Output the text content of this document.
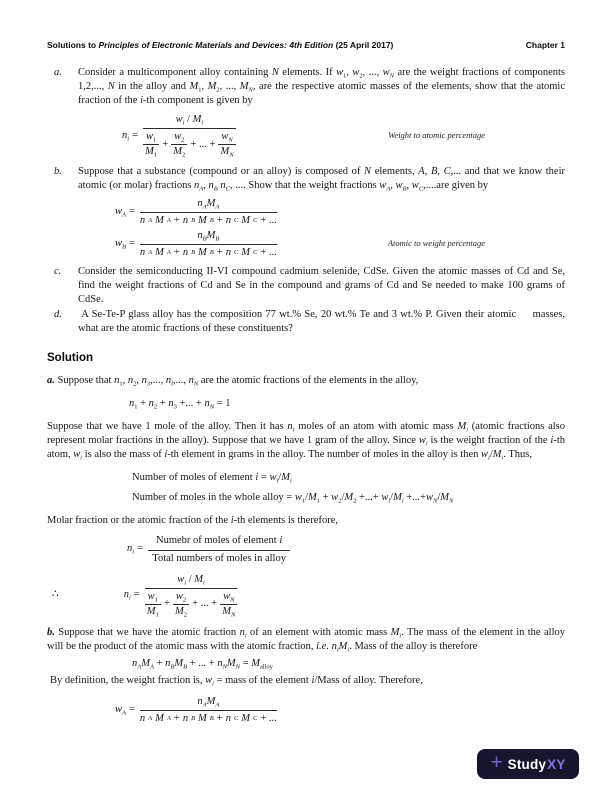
Solutions to Principles of Electronic Materials and Devices: 4th Edition (25 April 2017)	Chapter 1
a.	Consider a multicomponent alloy containing N elements. If $w_1$, $w_2$, ..., $w_N$ are the weight fractions of components 1,2,..., N in the alloy and $M_1$, $M_2$, ..., $M_N$, are the respective atomic masses of the elements, show that the atomic fraction of the i-th component is given by
$n_i$ =
$w_i / M_i$
$w_1$
$M_1$
+ $\frac{w_2}{M_2}$ + ... + $\frac{w_N}{M_N}$	Weight to atomic percentage
b.	Suppose that a substance (compound or an alloy) is composed of N elements, A, B, C,... and that we know their atomic (or molar) fractions $n_A$, $n_B$ $n_C$, .... Show that the weight fractions $w_A$, $w_B$, $w_C,....are$ given by
$w_A = \frac{n_AM_A}{\text{n A M A + n B M B + n C M C + ...}}$
$w_B = \frac{n_BM_B}{\text{n A M A + n B M B + n C M C + ...}}$	Atomic to weight percentage
c.	Consider the semiconducting II-VI compound cadmium selenide, CdSe. Given the atomic masses of Cd and Se, find the weight fractions of Cd and Se in the compound and grams of Cd and Se needed to make 100 grams of CdSe.
d.	A Se-Te-P glass alloy has the composition 77 wt.% Se, 20 wt.% Te and 3 wt.% P. Given their atomic     masses, what are the atomic fractions of these constituents?
Solution
a. Suppose that $n_1$, $n_2$, $n_3$,..., $n_i$,..., $n_N$ are the atomic fractions of the elements in the alloy,
$n_1 + n_2 + n_3$ +... + $n_N = 1$
Suppose that we have 1 mole of the alloy. Then it has $n_i$ moles of an atom with atomic mass $M_i$ (atomic fractions also represent molar fractions in the alloy). Suppose that we have 1 gram of the alloy. Since $w_i$ is the weight fraction of the i-th atom, $w_i$ is also the mass of i-th element in grams in the alloy. The number of moles in the alloy is then $w_i/M_i$. Thus,
Number of moles of element $i = w_i/M_i$
Number of moles in the whole alloy = $w_1/M_1 + w_2/M_2$ +...+ $w_i/M_i +...+w_N/M_N$
Molar fraction or the atomic fraction of the i-th elements is therefore,
$n_i = \frac{\text{Numebr of moles of element i}}{\text{Total numbers of moles in alloy}}$
∴	$n_i$ =
$w_i / M_i$
$w_1$
$M_1$
+ $\frac{w_2}{M_2}$ + ... + $\frac{w_N}{M_N}$
b. Suppose that we have the atomic fraction $n_i$ of an element with atomic mass $M_i$. The mass of the element in the alloy will be the product of the atomic mass with the atomic fraction, i.e. $n_iM_i$. Mass of the alloy is therefore
$n_AM_A + n_BM_B$ + ... + $n_NM_N = M_{alloy}$
By definition, the weight fraction is, $w_i$ = mass of the element i/Mass of alloy. Therefore,
$w_A = \frac{n_AM_A}{\text{n A M A + n B M B + n C M C + ...}}$
+ Study XY
